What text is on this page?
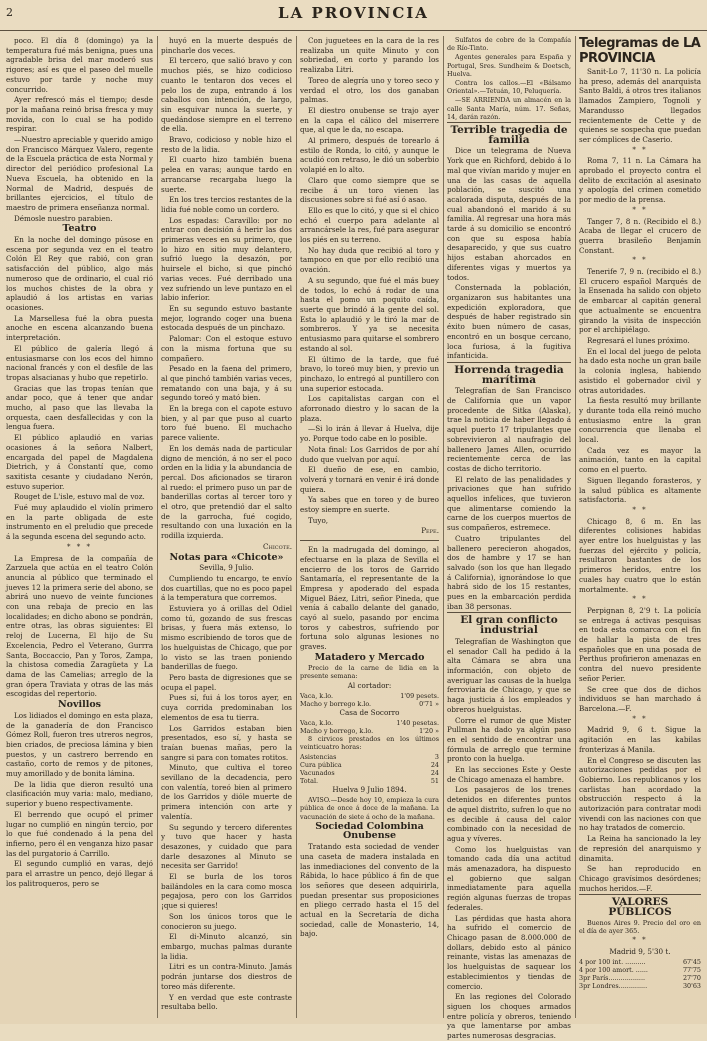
2	LA PROVINCIA

poco. El día 8 (domingo) ya la temperatura fué más benigna, pues una agradable brisa del mar moderó sus rigores; así es que el paseo del muelle estuvo por tarde y noche muy concurrido.

Ayer refrescó más el tiempo; desde por la mañana reinó brisa fresca y muy movida, con lo cual se ha podido respirar.

—Nuestro apreciable y querido amigo don Francisco Márquez Valero, regente de la Escuela práctica de esta Normal y director del periódico profesional La Nueva Escuela, ha obtenido en la Normal de Madrid, después de brillantes ejercicios, el título de maestro de primera enseñanza normal.

Démosle nuestro parabien.

Teatro

En la noche del domingo púsose en escena por segunda vez en el teatro Colón El Rey que rabió, con gran satisfacción del público, algo más numeroso que de ordinario, el cual rió los muchos chistes de la obra y aplaudió á los artistas en varias ocasiones.

La Marsellesa fué la obra puesta anoche en escena alcanzando buena interpretación.

El público de galería llegó á entusiasmarse con los ecos del himno nacional francés y con el desfile de las tropas alsacianas y hubo que repetirlo.

Gracias que las tropas tenían que andar poco, que á tener que andar mucho, al paso que las llevaba la orquesta, caen desfallecidas y con la lengua fuera.

El público aplaudió en varias ocasiones á la señora Nalbert, encargada del papel de Magdalena Dietrich, y á Constantí que, como saxitista cesante y ciudadano Nerón, estuvo superior.

Rouget de L'isle, estuvo mal de voz.

Fué muy aplaudido el violín primero en la parte obligada de este instrumento en el preludio que precede á la segunda escena del segundo acto.

* * *

La Empresa de la compañía de Zarzuela que actúa en el teatro Colón anuncia al público que terminado el jueves 12 la primera serie del abono, se abrirá uno nuevo de veinte funciones con una rebaja de precio en las localidades; en dicho abono se pondrán, entre otras, las obras siguientes: El reloj de Lucerna, El hijo de Su Excelencia, Pedro el Veterano, Gurrra Santa, Boccaccio, Pan y Toros, Zampa, la chistosa comedia Zaragüeta y La dama de las Camelias; arreglo de la gran ópera Traviata y otras de las más escogidas del repertorio.

Novillos

Los lidiados el domingo en esta plaza, de la ganadería de don Francisco Gómez Roll, fueron tres utreros negros, bien criados, de preciosa lámina y bien puestos, y un castrero berrendo en castaño, corto de remos y de pitones, muy amorillado y de bonita lámina.

De la lidia que dieron resultó una clasificación muy varia: malo, mediano, superior y bueno respectivamente.

El berrendo que ocupó el primer lugar no cumplió en ningún tercio, por lo que fué condenado á la pena del infierno, pero él en venganza hizo pasar las del purgatorio á Carrillo.

El segundo cumplió en varas, dejó para el arrastre un penco, dejó llegar á los palitroqueros, pero se

huyó en la muerte después de pincharle dos veces.

El tercero, que salió bravo y con muchos piés, se hizo codicioso cuanto le tentaron dos veces el pelo los de zupa, entrando á los caballos con intención, de largo, sin esquivar nunca la suerte, y quedándose siempre en el terreno de ella.

Bravo, codicioso y noble hizo el resto de la lidia.

El cuarto hizo también buena pelea en varas; aunque tardo en arrancarse recargaba luego la suerte.

En los tres tercios restantes de la lidia fué noble como un cordero.

Los espadas: Caravillo: por no entrar con decisión á herir las dos primeras veces en su primero, que lo hizo en sitio muy delantero, sufrió luego la desazón, por huirsele el bicho, si que pinchó varias veces. Fué derribado una vez sufriendo un leve puntazo en el labio inferior.

En su segundo estuvo bastante mejor, logrando coger una buena estocada después de un pinchazo.

Palomar: Con el estoque estuvo con la misma fortuna que su compañero.

Pesado en la faena del primero, al que pinchó también varias veces, rematando con una baja, y á su segundo toreó y mató bien.

En la brega con el capote estuvo bien, y al par que puso al cuarto toro fué bueno. El muchacho parece valiente.

En los demás nada de particular digno de mención, á no ser el poco orden en la lidia y la abundancia de percal. Dos aficionados se tiraron al ruedo: el primero puso un par de banderillas cortas al tercer toro y el otro, que pretendió dar el salto de la garrocha, fué cogido, resultando con una luxación en la rodilla izquierda.

Chicote.

Notas para «Chicote»

Sevilla, 9 Julio.

Cumpliendo tu encargo, te envío dos cuartillas, que no es poco papel á la temperatura que corremos.

Estuviera yo á orillas del Odiel como tú, gozando de sus frescas brisas, y fuera más extenso, lo mismo escribiendo de toros que de los huelguistas de Chicago, que por lo visto se las traen poniendo banderillas de fuego.

Pero basta de digresiones que se ocupa el papel.

Pues sí, fui á los toros ayer, en cuya corrida predominaban los elementos de esa tu tierra.

Los Garridos estaban bien presentados, eso sí, y hasta se traían buenas mañas, pero la sangre si para con tomates rotitos.

Minuto, que cultiva el toreo sevillano de la decadencia, pero con valentía, toreó bien al primero de los Garridos y dióle muerte de primera intención con arte y valentía.

Su segundo y tercero diferentes y tuvo que hacer y hasta desazones, y cuidado que para darle desazones al Minuto se necesita ser Garrido!

El se burla de los toros bailándoles en la cara como mosca pegajosa, pero con los Garridos ¡que si quieres!

Son los únicos toros que le conocieron su juego.

El di-Minuto alcanzó, sin embargo, muchas palmas durante la lidia.

Litri es un contra-Minuto. Jamás podrán juntarse dos diestros de toreo más diferente.

Y en verdad que este contraste resultaba bello.

Con juguetees en la cara de la res realizaba un quite Minuto y con sobriedad, en corto y parando los realizaba Litri.

Toreo de alegría uno y toreo seco y verdad el otro, los dos ganaban palmas.

El diestro onubense se trajo ayer en la capa el cálico del miserrere que, al que le da, no escapa.

Al primero, después de torearlo á estilo de Ronda, lo citó, y aunque le acudió con retraso, le dió un soberbio volapié en lo alto.

Claro que como siempre que se recibe á un toro vienen las discusiones sobre si fué así ó asao.

Ello es que lo citó, y que si el chico echó el cuerpo para adelante al arrancársele la res, fué para asegurar los piés en su terreno.

No hay duda que recibió al toro y tampoco en que por ello recibió una ovación.

A su segundo, que fué el más buey de todos, lo echó á rodar de una hasta el pomo un poquito caída, suerte que brindó á la gente del sol. Esta lo aplaudió y le tiró la mar de sombreros. Y ya se necesita entusiasmo para quitarse el sombrero estando al sol.

El último de la tarde, que fué bravo, lo toreó muy bien, y previo un pinchazo, lo entregó al puntillero con una superior estocada.

Los capitalistas cargan con el aforronado diestro y lo sacan de la plaza.

—Si lo irán á llevar á Huelva, dije yo. Porque todo cabe en lo posible.

Nota final: Los Garridos de por ahí dudo que vuelvan por aquí.

El dueño de ese, en cambio, volverá y tornará en venir é irá donde quiera.

Ya sabes que en toreo y de bureo estoy siempre en suerte.

Tuyo,

Pepe.

En la madrugada del domingo, al efectuarse en la plaza de Sevilla el encierro de los toros de Garrido Santamaría, el representante de la Empresa y apoderado del espada Miguel Báez, Litri, señor Pineda, que venía á caballo delante del ganado, cayó al suelo, pasando por encima toros y cabestros, sufriendo por fortuna solo algunas lesiones no graves.

Matadero y Mercado

Precio de la carne de lidia en la presente semana:

Al cortador:

Vaca, k.lo.	1'09 pesets.
Macho y borrego k.lo.	0'71 »

Casa de Socorro

Vaca, k.lo.	1'40 pesetas.
Macho y borrego, k.lo.	1'20 »

8 cirvicos prestados en los últimos veinticuatro horas:

Asistencias	3
Cura pública	24
Vacunados	24
Total.	51

Huelva 9 Julio 1894.

AVISO.—Desde hoy 10, empieza la cura pública de once á doce de la mañana. La vacunación de siete á ocho de la mañana.

Sociedad Colombina Onubense

Tratando esta sociedad de vender una caseta de madera instalada en las inmediaciones del convento de la Rábida, lo hace público á fin de que los señores que deseen adquirirla, puedan presentar sus proposiciones en pliego cerrado hasta el 15 del actual en la Secretaría de dicha sociedad, calle de Monasterio, 14, bajo.

Sulfatos de cobre de la Compañía de Río-Tinto.

Agentes generales para España y Portugal, Sres. Sundheim & Doetsch, Huelva.

Contra los callos.—El «Bálsamo Oriental».—Tetuán, 10, Peluquería.

—SE ARRIENDA un almacén en la calle Santa María, núm. 17. Señas, 14, darán razón.

Terrible tragedia de familia

Dice un telegrama de Nueva York que en Richford, debido á lo mal que vivían marido y mujer en una de las casas de aquella población, se suscitó una acalorada disputa, después de la cual abandonó el marido á su familia. Al regresar una hora más tarde á su domicilio se encontró con que su esposa había desaparecido, y que sus cuatro hijos estaban ahorcados en diferentes vigas y muertos ya todos.

Consternada la población, organizaron sus habitantes una expedición exploradora, que después de haber registrado sin éxito buen número de casas, encontró en un bosque cercano, loca furiosa, á la fugitiva infanticida.

Horrenda tragedia marítima

Telegrafían de San Francisco de California que un vapor procedente de Sitka (Alaska), trae la noticia de haber llegado á aquel puerto 17 tripulantes que sobrevivieron al naufragio del ballenero James Allen, ocurrido recientemente cerca de las costas de dicho territorio.

El relato de las penalidades y privaciones que han sufrido aquellos infelices, que tuvieron que alimentarse comiendo la carne de los cuerpos muertos de sus compañeros, estremece.

Cuatro tripulantes del ballenero perecieron ahogados, dos de hambre y 17 se han salvado (son los que han llegado á California), ignorándose lo que habrá sido de los 15 restantes, pues en la embarcación perdida iban 38 personas.

El gran conflicto industrial

Telegrafían de Washington que el senador Call ha pedido á la alta Cámara se abra una información, con objeto de averiguar las causas de la huelga ferroviaria de Chicago, y que se haga justicia á los empleados y obreros huelguistas.

Corre el rumor de que Mister Pullman ha dado ya algún paso en el sentido de encontrar una fórmula de arreglo que termine pronto con la huelga.

En las secciones Este y Oeste de Chicago amenaza el hambre.

Los pasajeros de los trenes detenidos en diferentes puntos de aquel distrito, sufren lo que no es decible á causa del calor combinado con la necesidad de agua y víveres.

Como los huelguistas van tomando cada día una actitud más amenazadora, ha dispuesto el gobierno que salgan inmediatamente para aquella región algunas fuerzas de tropas federales.

Las pérdidas que hasta ahora ha sufrido el comercio de Chicago pasan de 8.000.000 de dollars, debido esto al pánico reinante, vistas las amenazas de los huelguistas de saquear los establecimientos y tiendas de comercio.

En las regiones del Colorado siguen los choques armados entre policía y obreros, teniendo ya que lamentarse por ambas partes numerosas desgracias.

Telegramas de LA PROVINCIA

Sanit-Lo 7, 11'30 n. La policía ha preso, además del anarquista Santo Baldi, á otros tres italianos llamados Zampiero, Tognoli y Marandusso llegados recientemente de Cette y de quienes se sospecha que puedan ser cómplices de Caserio.

* *

Roma 7, 11 n. La Cámara ha aprobado el proyecto contra el delito de excitación al asesinato y apología del crimen cometido por medio de la prensa.

* *

Tanger 7, 8 n. (Recibido el 8.) Acaba de llegar el crucero de guerra brasileño Benjamín Constant.

* *

Tenerife 7, 9 n. (recibido el 8.) El crucero español Marqués de la Ensenada ha salido con objeto de embarcar al capitán general que actualmente se encuentra girando la visita de inspección por el archipiélago.

Regresará el lunes próximo.

En el local del juego de pelota ha dado esta noche un gran baile la colonia inglesa, habiendo asistido el gobernador civil y otras autoridades.

La fiesta resultó muy brillante y durante toda ella reinó mucho entusiasmo entre la gran concurrencia que llenaba el local.

Cada vez es mayor la animación, tanto en la capital como en el puerto.

Siguen llegando forasteros, y la salud pública es altamente satisfactoria.

* *

Chicago 8, 6 m. En las diferentes colisiones habidas ayer entre los huelguistas y las fuerzas del ejército y policía, resultaron bastantes de los primeros heridos, entre los cuales hay cuatro que lo están mortalmente.

* *

Perpignan 8, 2'9 t. La policía se entrega á activas pesquisas en toda esta comarca con el fin de hallar la pista de tres españoles que en una posada de Perthus profirieron amenazas en contra del nuevo presidente señor Perier.

Se cree que dos de dichos individuos se han marchado á Barcelona.—F.

* *

Madrid 9, 6 t. Sigue la agitación en las kabilas fronterizas á Manila.

En el Congreso se discuten las autorizaciones pedidas por el Gobierno. Los republicanos y los carlistas han acordado la obstrucción respecto á la autorización para contratar modi vivendi con las naciones con que no hay tratados de comercio.

La Reina ha sancionado la ley de represión del anarquismo y dinamita.

Se han reproducido en Chicago gravísimos desórdenes; muchos heridos.—F.

VALORES PÚBLICOS

Buenos Aires 9. Precio del oro en el día de ayer 365.

* *

Madrid 9, 5'30 t.

4 por 100 int. ..........	67'45
4 por 100 amort. ......	77'75
3pr París..................	27'70
3pr Londres..............	30'63
